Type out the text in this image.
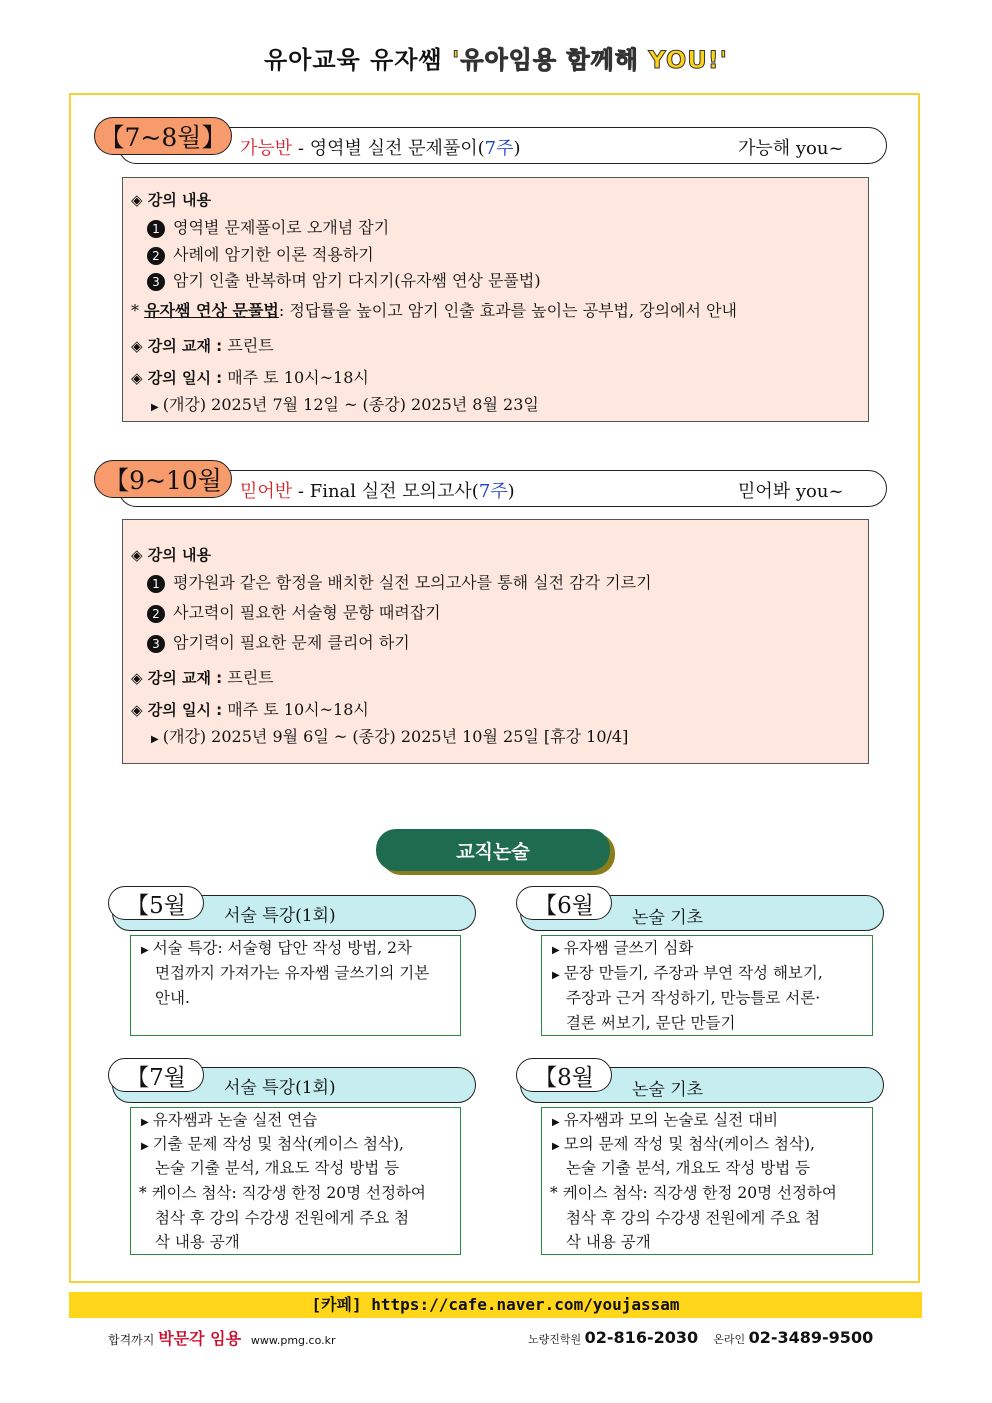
유아교육 유자쌤 '유아임용 함께해 YOU!'
【7~8월】 가능반 - 영역별 실전 문제풀이(7주)	가능해 you~
◈ 강의 내용
1 영역별 문제풀이로 오개념 잡기
2 사례에 암기한 이론 적용하기
3 암기 인출 반복하며 암기 다지기(유자쌤 연상 문풀법)
* 유자쌤 연상 문풀법: 정답률을 높이고 암기 인출 효과를 높이는 공부법, 강의에서 안내
◈ 강의 교재 : 프린트
◈ 강의 일시 : 매주 토 10시~18시
▶ (개강) 2025년 7월 12일 ~ (종강) 2025년 8월 23일
【9~10월	믿어반 - Final 실전 모의고사(7주)	믿어봐 you~
◈ 강의 내용
1 평가원과 같은 함정을 배치한 실전 모의고사를 통해 실전 감각 기르기
2 사고력이 필요한 서술형 문항 때려잡기
3 암기력이 필요한 문제 클리어 하기
◈ 강의 교재 : 프린트
◈ 강의 일시 : 매주 토 10시~18시
▶ (개강) 2025년 9월 6일 ~ (종강) 2025년 10월 25일 [휴강 10/4]
교직논술
【5월	서술 특강(1회)
▶ 서술 특강: 서술형 답안 작성 방법, 2차
면접까지 가져가는 유자쌤 글쓰기의 기본
안내.
【6월	논술 기초
▶ 유자쌤 글쓰기 심화
▶ 문장 만들기, 주장과 부연 작성 해보기,
주장과 근거 작성하기, 만능틀로 서론·
결론 써보기, 문단 만들기
【7월	서술 특강(1회)
▶ 유자쌤과 논술 실전 연습
▶ 기출 문제 작성 및 첨삭(케이스 첨삭),
논술 기출 분석, 개요도 작성 방법 등
* 케이스 첨삭: 직강생 한정 20명 선정하여
첨삭 후 강의 수강생 전원에게 주요 첨
삭 내용 공개
【8월	논술 기초
▶ 유자쌤과 모의 논술로 실전 대비
▶ 모의 문제 작성 및 첨삭(케이스 첨삭),
논술 기출 분석, 개요도 작성 방법 등
* 케이스 첨삭: 직강생 한정 20명 선정하여
첨삭 후 강의 수강생 전원에게 주요 첨
삭 내용 공개
[카페] https://cafe.naver.com/youjassam
합격까지 박문각 임용 www.pmg.co.kr	노량진학원 02-816-2030 온라인 02-3489-9500
